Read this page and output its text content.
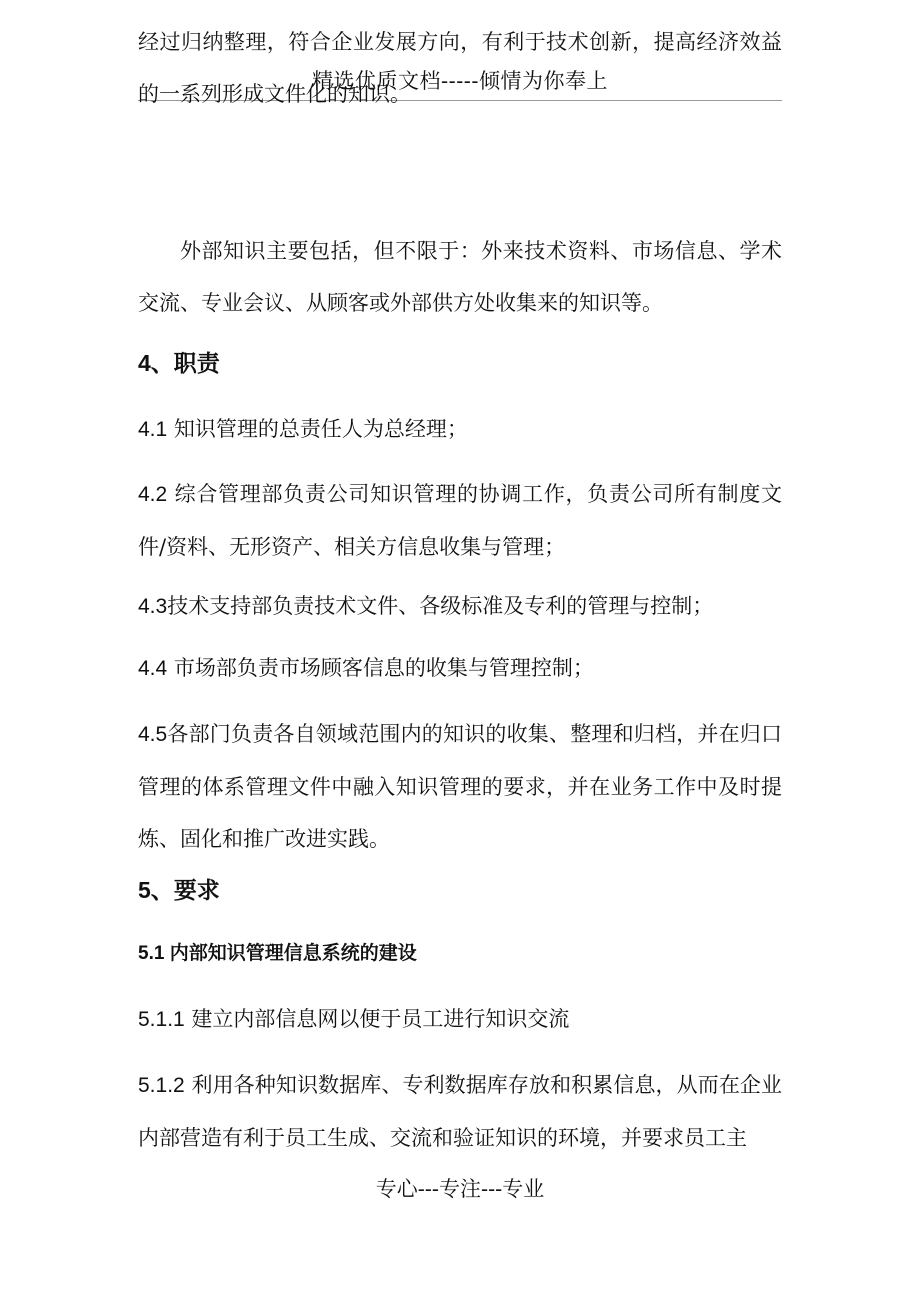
精选优质文档-----倾情为你奉上

经过归纳整理，符合企业发展方向，有利于技术创新，提高经济效益的一系列形成文件化的知识。

外部知识主要包括，但不限于：外来技术资料、市场信息、学术交流、专业会议、从顾客或外部供方处收集来的知识等。

4、职责

4.1 知识管理的总责任人为总经理；

4.2 综合管理部负责公司知识管理的协调工作，负责公司所有制度文件/资料、无形资产、相关方信息收集与管理；

4.3技术支持部负责技术文件、各级标准及专利的管理与控制；

4.4 市场部负责市场顾客信息的收集与管理控制；

4.5各部门负责各自领域范围内的知识的收集、整理和归档，并在归口管理的体系管理文件中融入知识管理的要求，并在业务工作中及时提炼、固化和推广改进实践。

5、要求
5.1 内部知识管理信息系统的建设

5.1.1 建立内部信息网以便于员工进行知识交流

5.1.2 利用各种知识数据库、专利数据库存放和积累信息，从而在企业内部营造有利于员工生成、交流和验证知识的环境，并要求员工主

专心---专注---专业
